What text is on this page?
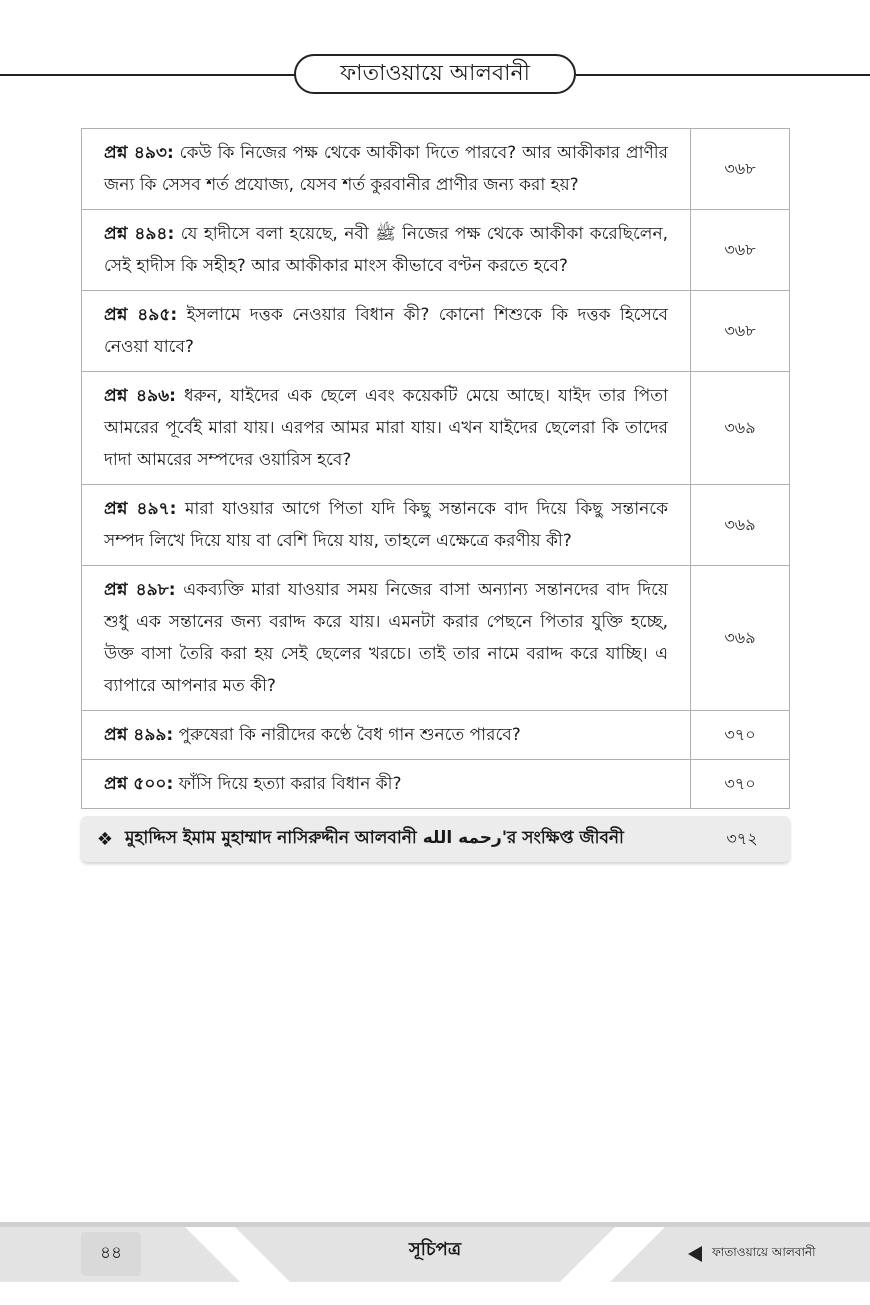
ফাতাওয়ায়ে আলবানী
প্রশ্ন ৪৯৩: কেউ কি নিজের পক্ষ থেকে আকীকা দিতে পারবে? আর আকীকার প্রাণীর জন্য কি সেসব শর্ত প্রযোজ্য, যেসব শর্ত কুরবানীর প্রাণীর জন্য করা হয়?	৩৬৮
প্রশ্ন ৪৯৪: যে হাদীসে বলা হয়েছে, নবী ﷺ নিজের পক্ষ থেকে আকীকা করেছিলেন, সেই হাদীস কি সহীহ? আর আকীকার মাংস কীভাবে বণ্টন করতে হবে?	৩৬৮
প্রশ্ন ৪৯৫: ইসলামে দত্তক নেওয়ার বিধান কী? কোনো শিশুকে কি দত্তক হিসেবে নেওয়া যাবে?	৩৬৮
প্রশ্ন ৪৯৬: ধরুন, যাইদের এক ছেলে এবং কয়েকটি মেয়ে আছে। যাইদ তার পিতা আমরের পূর্বেই মারা যায়। এরপর আমর মারা যায়। এখন যাইদের ছেলেরা কি তাদের দাদা আমরের সম্পদের ওয়ারিস হবে?	৩৬৯
প্রশ্ন ৪৯৭: মারা যাওয়ার আগে পিতা যদি কিছু সন্তানকে বাদ দিয়ে কিছু সন্তানকে সম্পদ লিখে দিয়ে যায় বা বেশি দিয়ে যায়, তাহলে এক্ষেত্রে করণীয় কী?	৩৬৯
প্রশ্ন ৪৯৮: একব্যক্তি মারা যাওয়ার সময় নিজের বাসা অন্যান্য সন্তানদের বাদ দিয়ে শুধু এক সন্তানের জন্য বরাদ্দ করে যায়। এমনটা করার পেছনে পিতার যুক্তি হচ্ছে, উক্ত বাসা তৈরি করা হয় সেই ছেলের খরচে। তাই তার নামে বরাদ্দ করে যাচ্ছি। এ ব্যাপারে আপনার মত কী?	৩৬৯
প্রশ্ন ৪৯৯: পুরুষেরা কি নারীদের কণ্ঠে বৈধ গান শুনতে পারবে?	৩৭০
প্রশ্ন ৫০০: ফাঁসি দিয়ে হত্যা করার বিধান কী?	৩৭০
❖ মুহাদ্দিস ইমাম মুহাম্মাদ নাসিরুদ্দীন আলবানী رحمه الله'র সংক্ষিপ্ত জীবনী	৩৭২
৪৪	সূচিপত্র	ফাতাওয়ায়ে আলবানী
